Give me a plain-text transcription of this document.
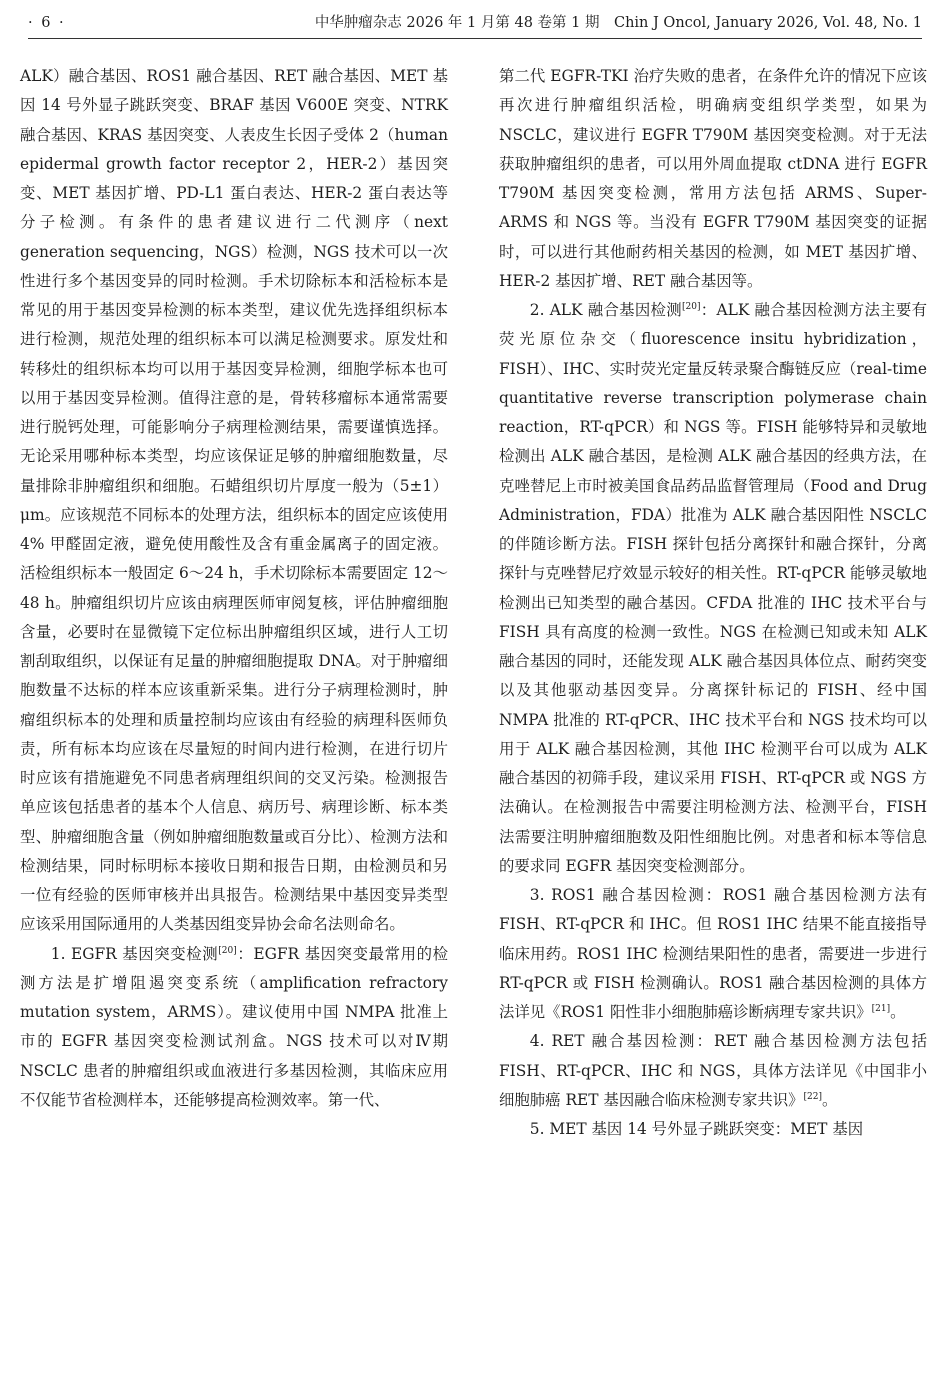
· 6 ·	中华肿瘤杂志 2026 年 1 月第 48 卷第 1 期　Chin J Oncol, January 2026, Vol. 48, No. 1

ALK）融合基因、ROS1 融合基因、RET 融合基因、MET 基因 14 号外显子跳跃突变、BRAF 基因 V600E 突变、NTRK 融合基因、KRAS 基因突变、人表皮生长因子受体 2（human epidermal growth factor receptor 2，HER-2）基因突变、MET 基因扩增、PD-L1 蛋白表达、HER-2 蛋白表达等分子检测。有条件的患者建议进行二代测序（next generation sequencing，NGS）检测，NGS 技术可以一次性进行多个基因变异的同时检测。手术切除标本和活检标本是常见的用于基因变异检测的标本类型，建议优先选择组织标本进行检测，规范处理的组织标本可以满足检测要求。原发灶和转移灶的组织标本均可以用于基因变异检测，细胞学标本也可以用于基因变异检测。值得注意的是，骨转移瘤标本通常需要进行脱钙处理，可能影响分子病理检测结果，需要谨慎选择。无论采用哪种标本类型，均应该保证足够的肿瘤细胞数量，尽量排除非肿瘤组织和细胞。石蜡组织切片厚度一般为（5±1）μm。应该规范不同标本的处理方法，组织标本的固定应该使用 4% 甲醛固定液，避免使用酸性及含有重金属离子的固定液。活检组织标本一般固定 6～24 h，手术切除标本需要固定 12～48 h。肿瘤组织切片应该由病理医师审阅复核，评估肿瘤细胞含量，必要时在显微镜下定位标出肿瘤组织区域，进行人工切割刮取组织，以保证有足量的肿瘤细胞提取 DNA。对于肿瘤细胞数量不达标的样本应该重新采集。进行分子病理检测时，肿瘤组织标本的处理和质量控制均应该由有经验的病理科医师负责，所有标本均应该在尽量短的时间内进行检测，在进行切片时应该有措施避免不同患者病理组织间的交叉污染。检测报告单应该包括患者的基本个人信息、病历号、病理诊断、标本类型、肿瘤细胞含量（例如肿瘤细胞数量或百分比）、检测方法和检测结果，同时标明标本接收日期和报告日期，由检测员和另一位有经验的医师审核并出具报告。检测结果中基因变异类型应该采用国际通用的人类基因组变异协会命名法则命名。

1. EGFR 基因突变检测[20]：EGFR 基因突变最常用的检测方法是扩增阻遏突变系统（amplification refractory mutation system，ARMS）。建议使用中国 NMPA 批准上市的 EGFR 基因突变检测试剂盒。NGS 技术可以对Ⅳ期 NSCLC 患者的肿瘤组织或血液进行多基因检测，其临床应用不仅能节省检测样本，还能够提高检测效率。第一代、

第二代 EGFR-TKI 治疗失败的患者，在条件允许的情况下应该再次进行肿瘤组织活检，明确病变组织学类型，如果为 NSCLC，建议进行 EGFR T790M 基因突变检测。对于无法获取肿瘤组织的患者，可以用外周血提取 ctDNA 进行 EGFR T790M 基因突变检测，常用方法包括 ARMS、Super-ARMS 和 NGS 等。当没有 EGFR T790M 基因突变的证据时，可以进行其他耐药相关基因的检测，如 MET 基因扩增、HER-2 基因扩增、RET 融合基因等。

2. ALK 融合基因检测[20]：ALK 融合基因检测方法主要有荧光原位杂交（fluorescence insitu hybridization，FISH）、IHC、实时荧光定量反转录聚合酶链反应（real-time quantitative reverse transcription polymerase chain reaction，RT-qPCR）和 NGS 等。FISH 能够特异和灵敏地检测出 ALK 融合基因，是检测 ALK 融合基因的经典方法，在克唑替尼上市时被美国食品药品监督管理局（Food and Drug Administration，FDA）批准为 ALK 融合基因阳性 NSCLC 的伴随诊断方法。FISH 探针包括分离探针和融合探针，分离探针与克唑替尼疗效显示较好的相关性。RT-qPCR 能够灵敏地检测出已知类型的融合基因。CFDA 批准的 IHC 技术平台与 FISH 具有高度的检测一致性。NGS 在检测已知或未知 ALK 融合基因的同时，还能发现 ALK 融合基因具体位点、耐药突变以及其他驱动基因变异。分离探针标记的 FISH、经中国 NMPA 批准的 RT-qPCR、IHC 技术平台和 NGS 技术均可以用于 ALK 融合基因检测，其他 IHC 检测平台可以成为 ALK 融合基因的初筛手段，建议采用 FISH、RT-qPCR 或 NGS 方法确认。在检测报告中需要注明检测方法、检测平台，FISH 法需要注明肿瘤细胞数及阳性细胞比例。对患者和标本等信息的要求同 EGFR 基因突变检测部分。

3. ROS1 融合基因检测：ROS1 融合基因检测方法有 FISH、RT-qPCR 和 IHC。但 ROS1 IHC 结果不能直接指导临床用药。ROS1 IHC 检测结果阳性的患者，需要进一步进行 RT-qPCR 或 FISH 检测确认。ROS1 融合基因检测的具体方法详见《ROS1 阳性非小细胞肺癌诊断病理专家共识》[21]。

4. RET 融合基因检测：RET 融合基因检测方法包括 FISH、RT-qPCR、IHC 和 NGS，具体方法详见《中国非小细胞肺癌 RET 基因融合临床检测专家共识》[22]。

5. MET 基因 14 号外显子跳跃突变：MET 基因
